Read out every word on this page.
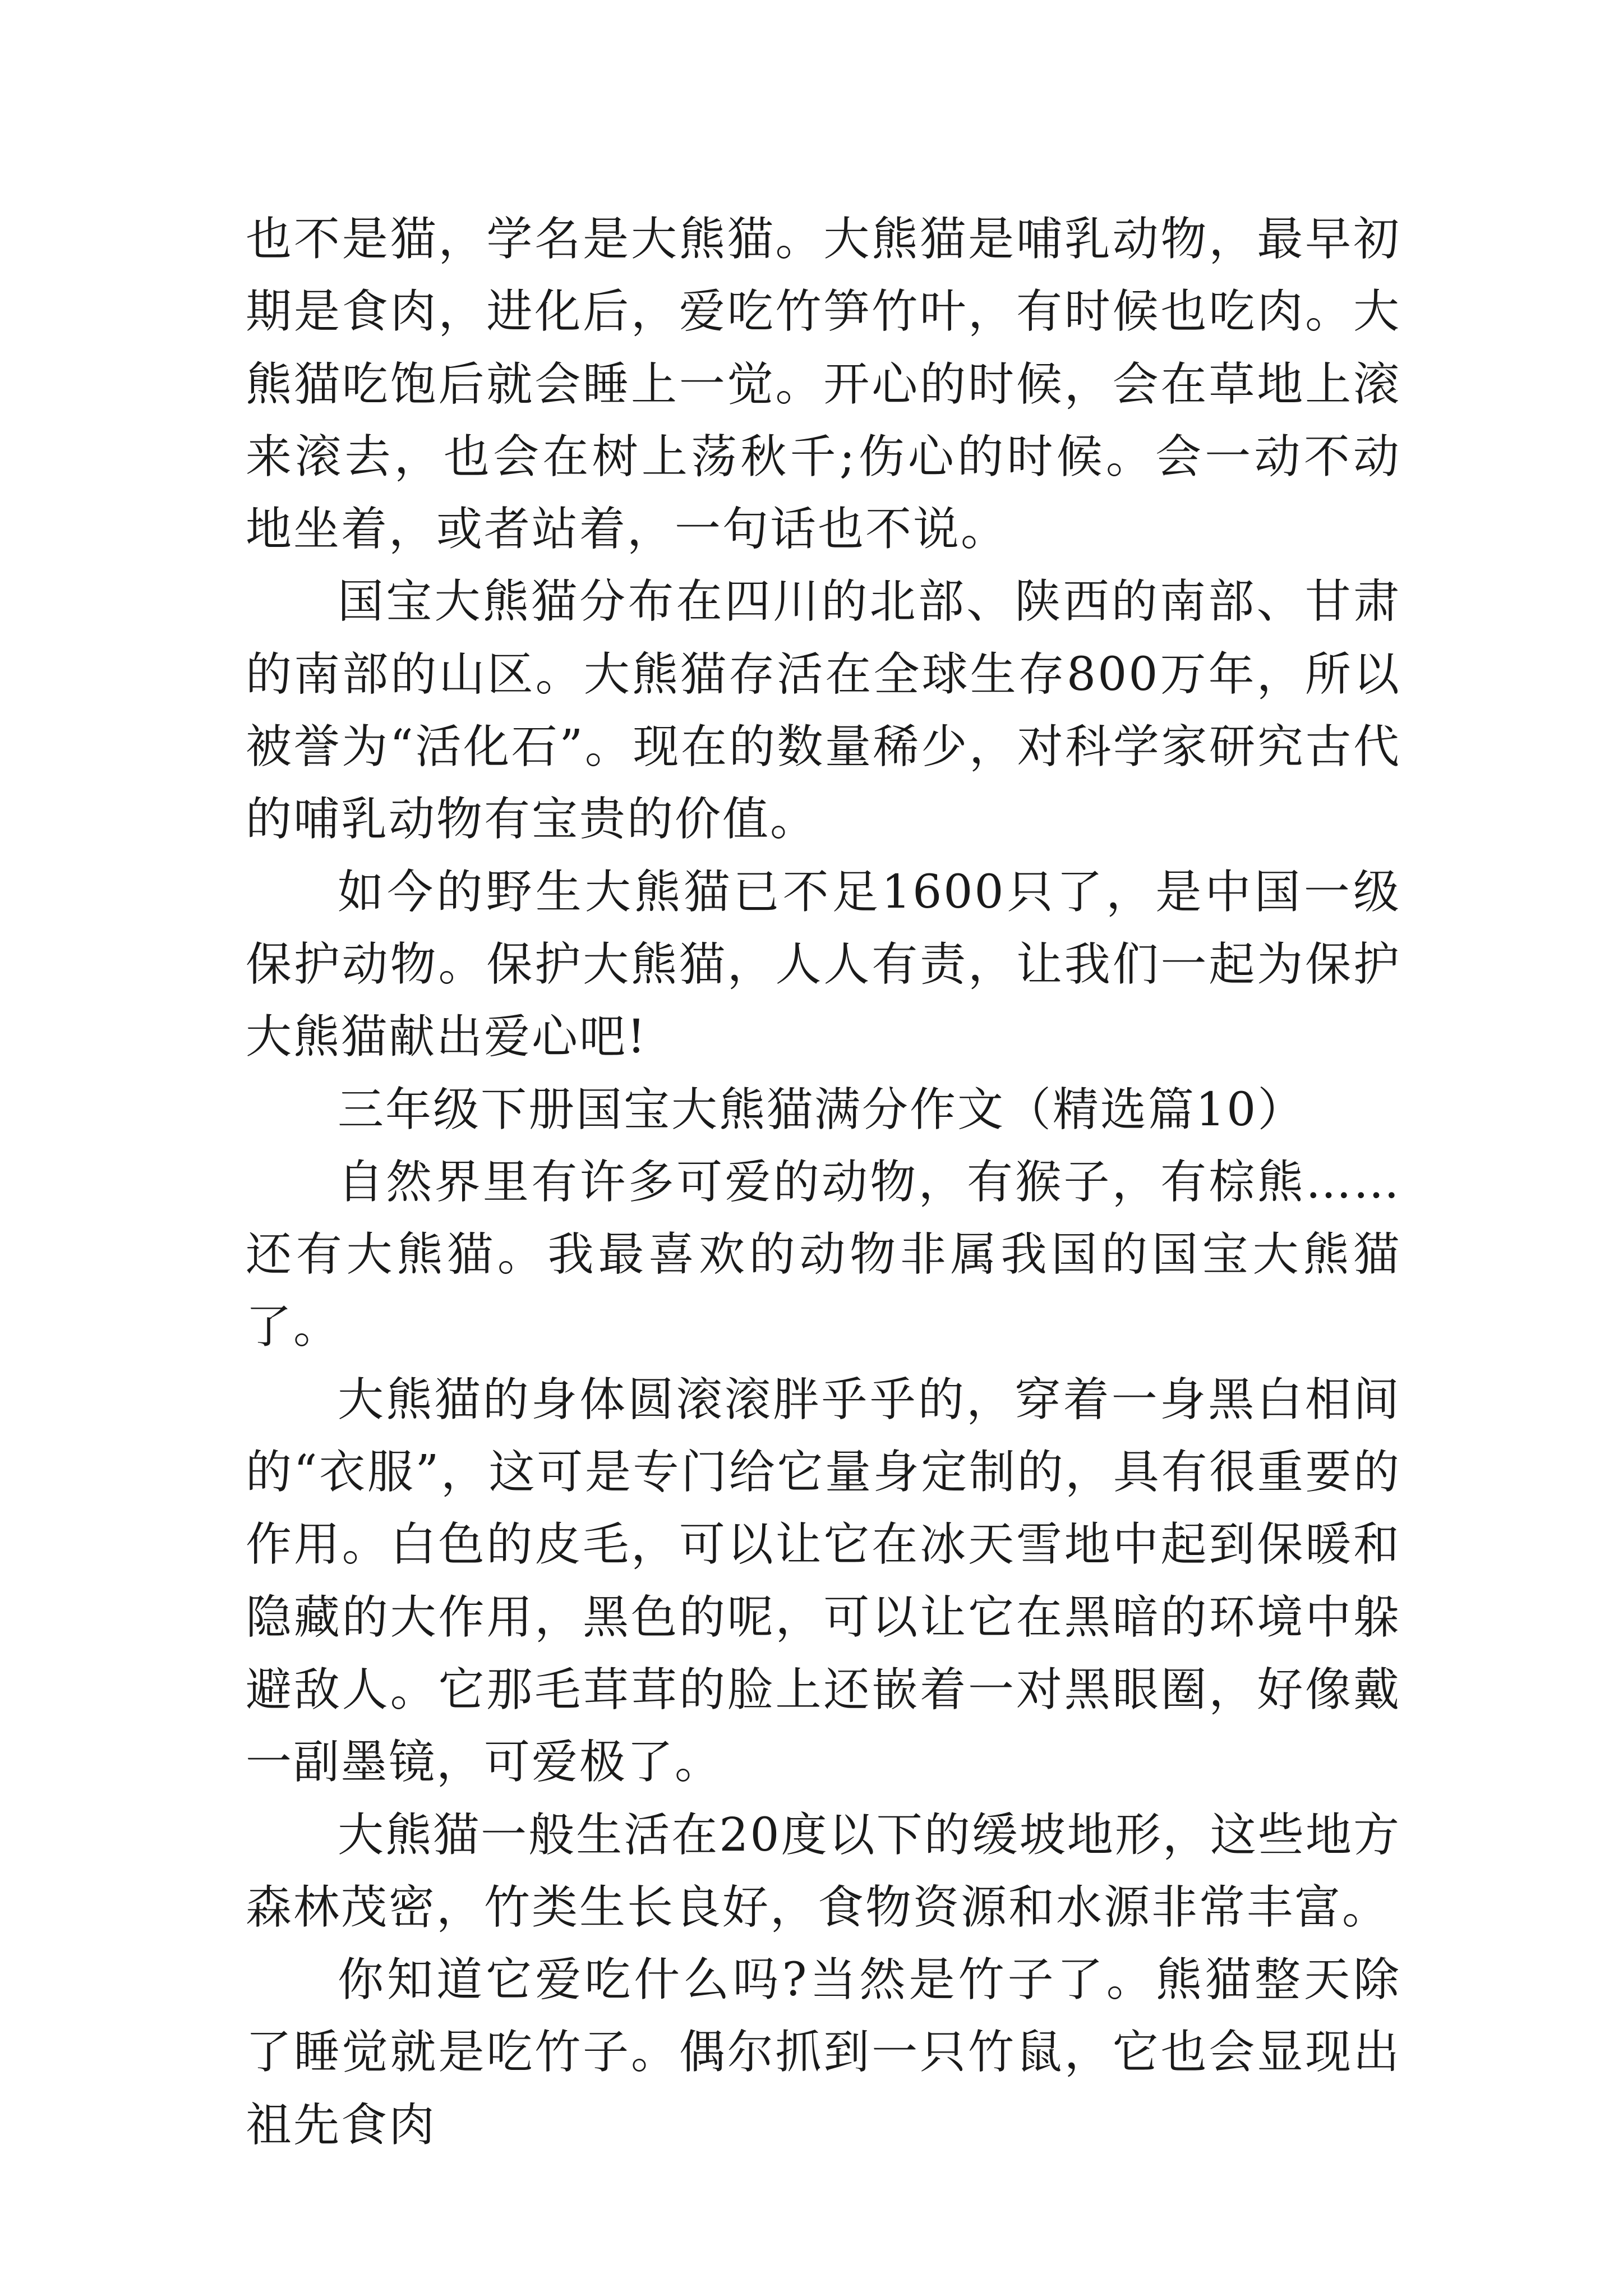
也不是猫，学名是大熊猫。大熊猫是哺乳动物，最早初期是食肉，进化后，爱吃竹笋竹叶，有时候也吃肉。大熊猫吃饱后就会睡上一觉。开心的时候，会在草地上滚来滚去，也会在树上荡秋千;伤心的时候。会一动不动地坐着，或者站着，一句话也不说。

国宝大熊猫分布在四川的北部、陕西的南部、甘肃的南部的山区。大熊猫存活在全球生存800万年，所以被誉为“活化石”。现在的数量稀少，对科学家研究古代的哺乳动物有宝贵的价值。

如今的野生大熊猫已不足1600只了，是中国一级保护动物。保护大熊猫，人人有责，让我们一起为保护大熊猫献出爱心吧!

三年级下册国宝大熊猫满分作文（精选篇10）

自然界里有许多可爱的动物，有猴子，有棕熊……还有大熊猫。我最喜欢的动物非属我国的国宝大熊猫了。

大熊猫的身体圆滚滚胖乎乎的，穿着一身黑白相间的“衣服”，这可是专门给它量身定制的，具有很重要的作用。白色的皮毛，可以让它在冰天雪地中起到保暖和隐藏的大作用，黑色的呢，可以让它在黑暗的环境中躲避敌人。它那毛茸茸的脸上还嵌着一对黑眼圈，好像戴一副墨镜，可爱极了。

大熊猫一般生活在20度以下的缓坡地形，这些地方森林茂密，竹类生长良好，食物资源和水源非常丰富。

你知道它爱吃什么吗?当然是竹子了。熊猫整天除了睡觉就是吃竹子。偶尔抓到一只竹鼠，它也会显现出祖先食肉
